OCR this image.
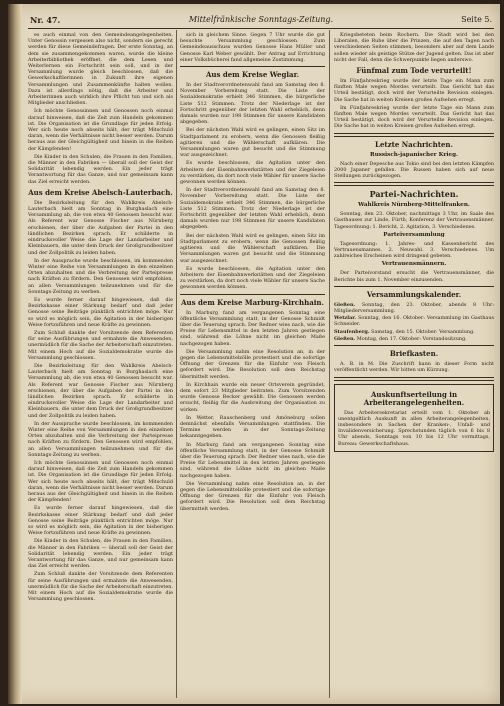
Nr. 47.	Mittelfränkische Sonntags-Zeitung.	Seite 5.

es auch einmal von den Gemeindeangelegenheiten. Unter Genossin vergessen also nicht, sondern sie gerecht werden für diese Gemeindefragen. Der erste Sonntag, an dem sie zusammengekommen waren, wurde die kleine Arbeiterbibliothek eröffnet, die dem Lesen und Weiterlernen ein Fortschritt sein soll, und in der Versammlung wurde gleich beschlossen, daß die Gewerkschaftlerinnen in Zukunft ihre eigenen Versammlungen und Zusammenkünfte halten wollen. Dazu ist allerdings nötig, daß die Arbeiter und Arbeiterinnen auch wirklich ihre Pflicht tun und sich als Mitglieder anschließen.

Ich möchte Genossinnen und Genossen noch einmal darauf hinweisen, daß die Zeit zum Handeln gekommen ist. Die Organisation ist die Grundlage für jeden Erfolg. Wer sich heute noch abseits hält, der trägt Mitschuld daran, wenn die Verhältnisse nicht besser werden. Darum heraus aus der Gleichgültigkeit und hinein in die Reihen der Kämpfenden!

Die Kinder in den Schulen, die Frauen in den Familien, die Männer in den Fabriken — überall soll der Geist der Solidarität lebendig werden. Ein jeder trägt Verantwortung für das Ganze, und nur gemeinsam kann das Ziel erreicht werden.

Aus dem Kreise Abelsch-Lauterbach.

Die Bezirksleitung für den Wahlkreis Abelsch-Lauterbach hielt am Sonntag in Burghaslach eine Versammlung ab, die von etwa 40 Genossen besucht war. Als Referent war Genosse Fischer aus Nürnberg erschienen, der über die Aufgaben der Partei in den ländlichen Bezirken sprach. Er schilderte in eindrucksvoller Weise die Lage der Landarbeiter und Kleinbauern, die unter dem Druck der Großgrundbesitzer und der Zollpolitik zu leiden haben.

In der Aussprache wurde beschlossen, im kommenden Winter eine Reihe von Versammlungen in den einzelnen Orten abzuhalten und die Verbreitung der Parteipresse nach Kräften zu fördern. Den Genossen wird empfohlen, an allen Versammlungen teilzunehmen und für die Sonntags-Zeitung zu werben.

Es wurde ferner darauf hingewiesen, daß die Bezirkskasse einer Stärkung bedarf und daß jeder Genosse seine Beiträge pünktlich entrichten möge. Nur so wird es möglich sein, die Agitation in der bisherigen Weise fortzuführen und neue Kräfte zu gewinnen.

Zum Schluß dankte der Vorsitzende dem Referenten für seine Ausführungen und ermahnte die Anwesenden, unermüdlich für die Sache der Arbeiterschaft einzutreten. Mit einem Hoch auf die Sozialdemokratie wurde die Versammlung geschlossen.

Die Bezirksleitung für den Wahlkreis Abelsch-Lauterbach hielt am Sonntag in Burghaslach eine Versammlung ab, die von etwa 40 Genossen besucht war. Als Referent war Genosse Fischer aus Nürnberg erschienen, der über die Aufgaben der Partei in den ländlichen Bezirken sprach. Er schilderte in eindrucksvoller Weise die Lage der Landarbeiter und Kleinbauern, die unter dem Druck der Großgrundbesitzer und der Zollpolitik zu leiden haben.

In der Aussprache wurde beschlossen, im kommenden Winter eine Reihe von Versammlungen in den einzelnen Orten abzuhalten und die Verbreitung der Parteipresse nach Kräften zu fördern. Den Genossen wird empfohlen, an allen Versammlungen teilzunehmen und für die Sonntags-Zeitung zu werben.

Ich möchte Genossinnen und Genossen noch einmal darauf hinweisen, daß die Zeit zum Handeln gekommen ist. Die Organisation ist die Grundlage für jeden Erfolg. Wer sich heute noch abseits hält, der trägt Mitschuld daran, wenn die Verhältnisse nicht besser werden. Darum heraus aus der Gleichgültigkeit und hinein in die Reihen der Kämpfenden!

Es wurde ferner darauf hingewiesen, daß die Bezirkskasse einer Stärkung bedarf und daß jeder Genosse seine Beiträge pünktlich entrichten möge. Nur so wird es möglich sein, die Agitation in der bisherigen Weise fortzuführen und neue Kräfte zu gewinnen.

Die Kinder in den Schulen, die Frauen in den Familien, die Männer in den Fabriken — überall soll der Geist der Solidarität lebendig werden. Ein jeder trägt Verantwortung für das Ganze, und nur gemeinsam kann das Ziel erreicht werden.

Zum Schluß dankte der Vorsitzende dem Referenten für seine Ausführungen und ermahnte die Anwesenden, unermüdlich für die Sache der Arbeiterschaft einzutreten. Mit einem Hoch auf die Sozialdemokratie wurde die Versammlung geschlossen.

sich in gleichem Sinne. Gegen 7 Uhr wurde die gut besuchte Versammlung geschlossen. Zum Gemeindeausschuss wurden Genosse Hans Müller und Genosse Karl Weber gewählt. Der Antrag auf Errichtung einer Volksbücherei fand allgemeine Zustimmung.

Aus dem Kreise Weglar.

In der Stadtverordnetenwahl fand am Samstag den 8. November Vorbereitung statt. Die Liste der Sozialdemokratie erhielt 346 Stimmen, die bürgerliche Liste 512 Stimmen. Trotz der Niederlage ist der Fortschritt gegenüber der letzten Wahl erheblich, denn damals wurden nur 198 Stimmen für unsere Kandidaten abgegeben.

Bei der nächsten Wahl wird es gelingen, einen Sitz im Stadtparlament zu erobern, wenn die Genossen fleißig agitieren und die Wählerschaft aufklären. Die Versammlungen waren gut besucht und die Stimmung war ausgezeichnet.

Es wurde beschlossen, die Agitation unter den Arbeitern der Eisenbahnwerkstätten und der Ziegeleien zu verstärken, da dort noch viele Wähler für unsere Sache gewonnen werden können.

In der Stadtverordnetenwahl fand am Samstag den 8. November Vorbereitung statt. Die Liste der Sozialdemokratie erhielt 346 Stimmen, die bürgerliche Liste 512 Stimmen. Trotz der Niederlage ist der Fortschritt gegenüber der letzten Wahl erheblich, denn damals wurden nur 198 Stimmen für unsere Kandidaten abgegeben.

Bei der nächsten Wahl wird es gelingen, einen Sitz im Stadtparlament zu erobern, wenn die Genossen fleißig agitieren und die Wählerschaft aufklären. Die Versammlungen waren gut besucht und die Stimmung war ausgezeichnet.

Es wurde beschlossen, die Agitation unter den Arbeitern der Eisenbahnwerkstätten und der Ziegeleien zu verstärken, da dort noch viele Wähler für unsere Sache gewonnen werden können.

Aus dem Kreise Marburg-Kirchhain.

In Marburg fand am vergangenen Sonntag eine öffentliche Versammlung statt, in der Genosse Schmidt über die Teuerung sprach. Der Redner wies nach, wie die Preise für Lebensmittel in den letzten Jahren gestiegen sind, während die Löhne nicht im gleichen Maße nachgezogen haben.

Die Versammlung nahm eine Resolution an, in der gegen die Lebensmittelzölle protestiert und die sofortige Öffnung der Grenzen für die Einfuhr von Fleisch gefordert wird. Die Resolution soll dem Reichstag übermittelt werden.

In Kirchhain wurde ein neuer Ortsverein gegründet, dem sofort 23 Mitglieder beitraten. Zum Vorsitzenden wurde Genosse Becker gewählt. Die Genossen werden ersucht, fleißig für die Ausbreitung der Organisation zu wirken.

In Wetter, Rauschenberg und Amöneburg sollen demnächst ebenfalls Versammlungen stattfinden. Die Termine werden in der Sonntags-Zeitung bekanntgegeben.

In Marburg fand am vergangenen Sonntag eine öffentliche Versammlung statt, in der Genosse Schmidt über die Teuerung sprach. Der Redner wies nach, wie die Preise für Lebensmittel in den letzten Jahren gestiegen sind, während die Löhne nicht im gleichen Maße nachgezogen haben.

Die Versammlung nahm eine Resolution an, in der gegen die Lebensmittelzölle protestiert und die sofortige Öffnung der Grenzen für die Einfuhr von Fleisch gefordert wird. Die Resolution soll dem Reichstag übermittelt werden.

Kriegsbeteten beim Rochern. Die Stadt wird bei den Liberalen, die Ruhe über die Prinzen, die auf den Tagen nach verschiedenen Seiten stimmen, besonders aber auf dem Lande sollen wieder als geistige Stütze der Jugend gelten. Das ist aber nicht der Fall, denn die Schwerpunkte liegen anderswo.

Fünfmal zum Tode verurteilt!

Im Fünfjahreskrieg wurde der letzte Tage ein Mann zum fünften Male wegen Mordes verurteilt. Das Gericht hat das Urteil bestätigt, doch wird der Verurteilte Revision einlegen. Die Sache hat in weiten Kreisen großes Aufsehen erregt.

Im Fünfjahreskrieg wurde der letzte Tage ein Mann zum fünften Male wegen Mordes verurteilt. Das Gericht hat das Urteil bestätigt, doch wird der Verurteilte Revision einlegen. Die Sache hat in weiten Kreisen großes Aufsehen erregt.

Letzte Nachrichten.
Russisch-japanischer Krieg.

Nach einer Depesche aus Tokio sind bei den letzten Kämpfen 2000 Japaner gefallen. Die Russen haben sich auf neue Stellungen zurückgezogen.

Partei-Nachrichten.
Wahlkreis Nürnberg-Mittelfranken.

Sonntag, den 23. Oktober, nachmittags 3 Uhr, im Saale des Gasthauses zur Linde, Fürth, Konferenz der Vertrauensmänner. Tagesordnung: 1. Bericht, 2. Agitation, 3. Verschiedenes.

Parteiversammlung

Tagesordnung: 1. Jahres- und Kassenbericht des Vertrauensmannes. 2. Neuwahl. 3. Verschiedenes. Um zahlreiches Erscheinen wird dringend gebeten.

Vertrauensmännern.

Der Parteivorstand ersucht die Vertrauensmänner, die Berichte bis zum 1. November einzusenden.

Versammlungskalender.
Gießen. Sonntag, den 23. Oktober, abends 8 Uhr: Mitgliederversammlung.
Wetzlar. Sonntag, den 16. Oktober: Versammlung im Gasthaus Schneider.
Staufenberg. Samstag, den 15. Oktober: Versammlung.
Gießen. Montag, den 17. Oktober: Vorstandssitzung.
Briefkasten.

A. B. in M. Die Zuschrift kann in dieser Form nicht veröffentlicht werden. Wir bitten um Kürzung.

Auskunftserteilung in Arbeiterangelegenheiten.

Das Arbeitersekretariat erteilt vom 1. Oktober ab unentgeltlich Auskunft in allen Arbeiterangelegenheiten, insbesondere in Sachen der Kranken-, Unfall- und Invalidenversicherung. Sprechstunden täglich von 6 bis 8 Uhr abends, Sonntags von 10 bis 12 Uhr vormittags, Bureau: Gewerkschaftshaus.
